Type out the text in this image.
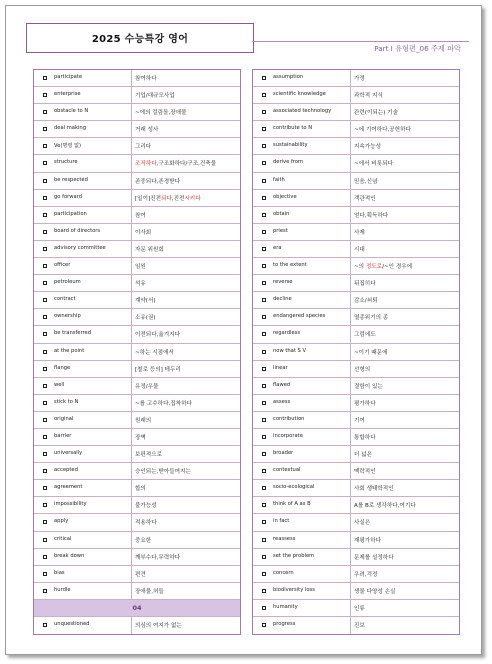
2025 수능특강 영어
Part I 유형편_06 주제 파악
participate	참여하다
enterprise	기업/대규모사업
obstacle to N	~에의 걸림돌,장애물
deal making	거래 성사
Ve(명령 없)	그리다
structure	조직하다,구조화하다/구조,건축물
be respected	존중되다,존경받다
go forward	[일이]진전되다,진전시키다
participation	참여
board of directors	이사회
advisory committee	자문 위원회
officer	임원
petroleum	석유
contract	계약(서)
ownership	소유(권)
be transferred	이전되다,옮겨지다
at the point	~하는 시점에서
flange	[철로 등의] 테두리
well	유정/우물
stick to N	~를 고수하다,집착하다
original	원래의
barrier	장벽
universally	보편적으로
accepted	승인되는,받아들여지는
agreement	합의
impossibility	불가능성
apply	적용하다
critical	중요한
break down	깨부수다,무력하다
bias	편견
hurdle	장애물,허들
04
unquestioned	의심의 여지가 없는
assumption	가정
scientific knowledge	과학적 지식
associated technology	관련(이되는) 기술
contribute to N	~에 기여하다,공헌하다
sustainability	지속가능성
derive from	~에서 비롯되다
faith	믿음,신념
objective	객관적인
obtain	얻다,획득하다
priest	사제
era	시대
to the extent	~의 정도로/~인 경우에
reverse	뒤집히다
decline	감소/쇠퇴
endangered species	멸종위기의 종
regardless	그럼에도
now that S V	~이기 때문에
linear	선형의
flawed	결함이 있는
assess	평가하다
contribution	기여
incorporate	통합하다
broader	더 넓은
contextual	맥락적인
socio-ecological	사회 생태학적인
think of A as B	A를 B로 생각하다,여기다
in fact	사실은
reassess	재평가하다
set the problem	문제를 설정하다
concern	우려,걱정
biodiversity loss	생물 다양성 손실
humanity	인류
progress	진보
